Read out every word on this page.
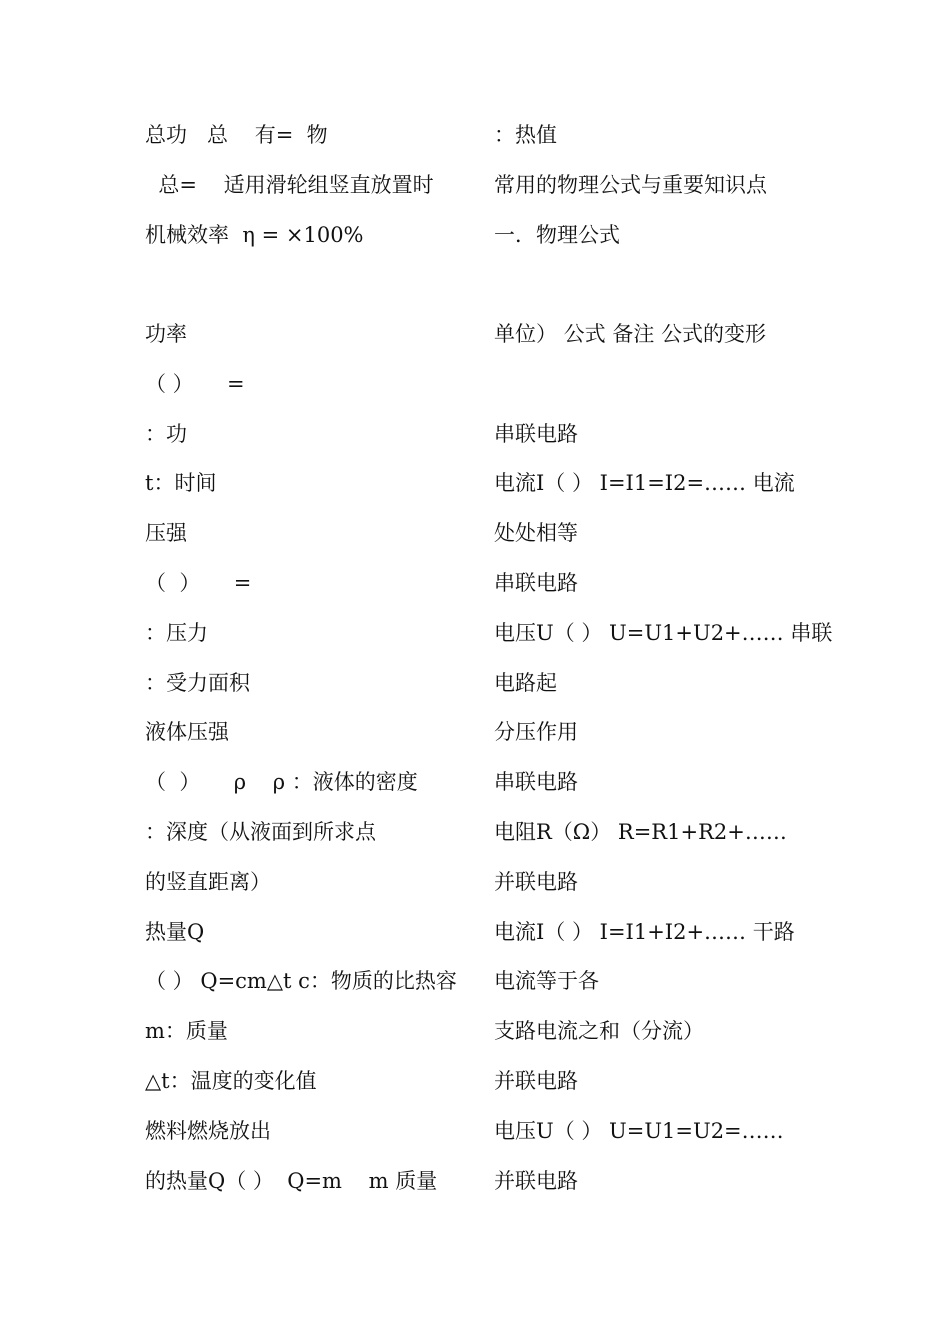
总功   总    有=  物
总=    适用滑轮组竖直放置时
机械效率  η = ×100%
功率
（ ）     =
：功
t：时间
压强
（  ）     =
：压力
：受力面积
液体压强
（  ）     ρ    ρ ：液体的密度
：深度（从液面到所求点
的竖直距离）
热量Q
（ ） Q=cm△t c：物质的比热容
m：质量
△t：温度的变化值
燃料燃烧放出
的热量Q（ ）  Q=m    m 质量
：热值
常用的物理公式与重要知识点
一．物理公式
单位） 公式 备注 公式的变形
串联电路
电流I（ ） I=I1=I2=…… 电流
处处相等
串联电路
电压U（ ） U=U1+U2+…… 串联
电路起
分压作用
串联电路
电阻R（Ω） R=R1+R2+……
并联电路
电流I（ ） I=I1+I2+…… 干路
电流等于各
支路电流之和（分流）
并联电路
电压U（ ） U=U1=U2=……
并联电路
